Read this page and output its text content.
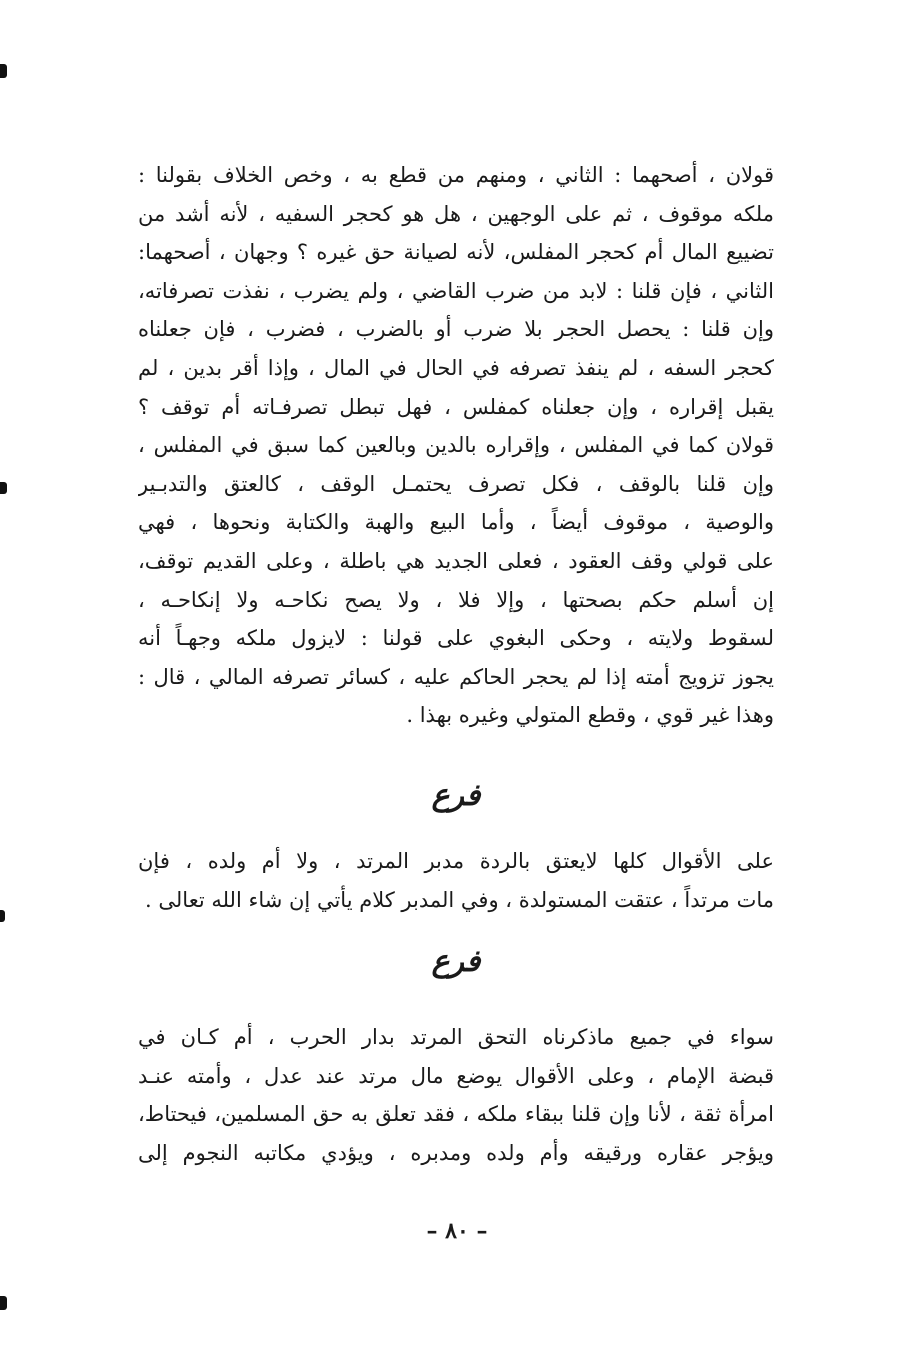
قولان ، أصحهما : الثاني ، ومنهم من قطع به ، وخص الخلاف بقولنا :
ملكه موقوف ، ثم على الوجهين ، هل هو كحجر السفيه ، لأنه أشد من
تضييع المال أم كحجر المفلس، لأنه لصيانة حق غيره ؟ وجهان ، أصحهما:
الثاني ، فإن قلنا : لابد من ضرب القاضي ، ولم يضرب ، نفذت تصرفاته،
وإن قلنا : يحصل الحجر بلا ضرب أو بالضرب ، فضرب ، فإن جعلناه
كحجر السفه ، لم ينفذ تصرفه في الحال في المال ، وإذا أقر بدين ، لم
يقبل إقراره ، وإن جعلناه كمفلس ، فهل تبطل تصرفـاته أم توقف ؟
قولان كما في المفلس ، وإقراره بالدين وبالعين كما سبق في المفلس ،
وإن قلنا بالوقف ، فكل تصرف يحتمـل الوقف ، كالعتق والتدبـير
والوصية ، موقوف أيضاً ، وأما البيع والهبة والكتابة ونحوها ، فهي
على قولي وقف العقود ، فعلى الجديد هي باطلة ، وعلى القديم توقف،
إن أسلم حكم بصحتها ، وإلا فلا ، ولا يصح نكاحـه ولا إنكاحـه ،
لسقوط ولايته ، وحكى البغوي على قولنا : لايزول ملكه وجهـاً أنه
يجوز تزويج أمته إذا لم يحجر الحاكم عليه ، كسائر تصرفه المالي ، قال :
وهذا غير قوي ، وقطع المتولي وغيره بهذا .
فرع
على الأقوال كلها لايعتق بالردة مدبر المرتد ، ولا أم ولده ، فإن
مات مرتداً ، عتقت المستولدة ، وفي المدبر كلام يأتي إن شاء الله تعالى .
فرع
سواء في جميع ماذكرناه التحق المرتد بدار الحرب ، أم كـان في
قبضة الإمام ، وعلى الأقوال يوضع مال مرتد عند عدل ، وأمته عنـد
امرأة ثقة ، لأنا وإن قلنا ببقاء ملكه ، فقد تعلق به حق المسلمين، فيحتاط،
ويؤجر عقاره ورقيقه وأم ولده ومدبره ، ويؤدي مكاتبه النجوم إلى
– ٨٠ –
